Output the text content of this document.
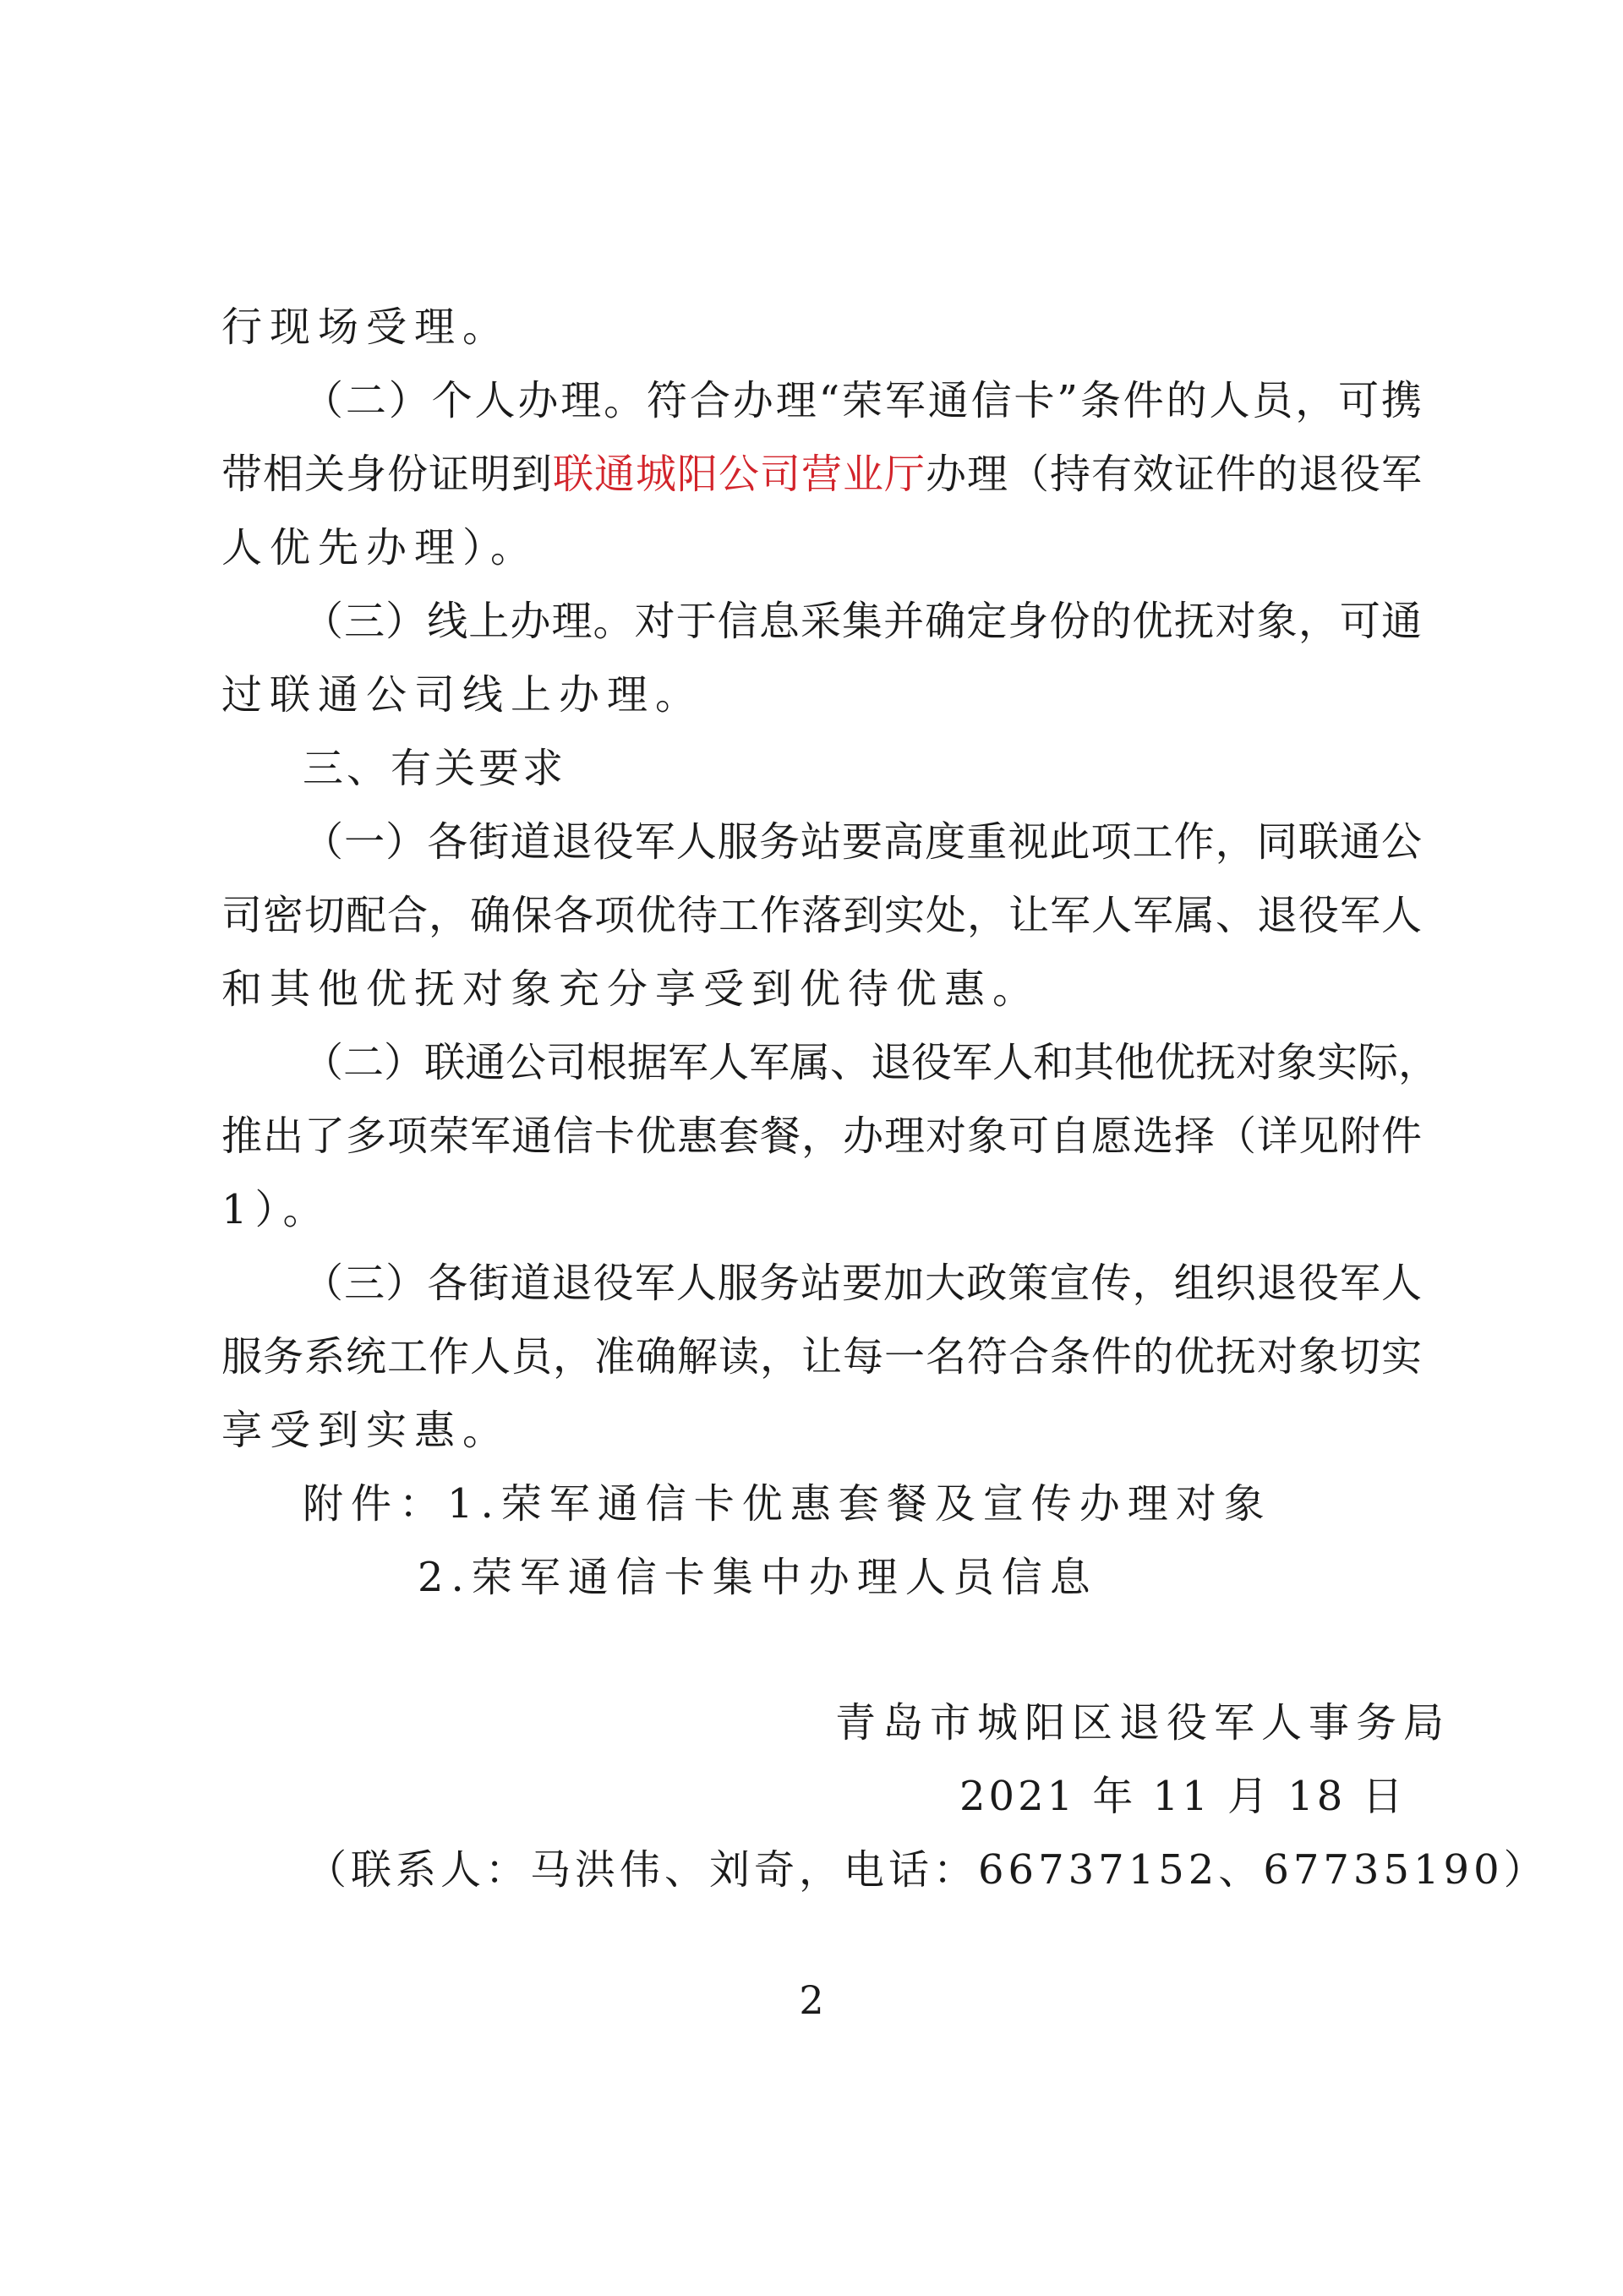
行现场受理。
（二）个人办理。符合办理“荣军通信卡”条件的人员，可携
带相关身份证明到联通城阳公司营业厅办理（持有效证件的退役军
人优先办理）。
（三）线上办理。对于信息采集并确定身份的优抚对象，可通
过联通公司线上办理。
三、有关要求
（一）各街道退役军人服务站要高度重视此项工作，同联通公
司密切配合，确保各项优待工作落到实处，让军人军属、退役军人
和其他优抚对象充分享受到优待优惠。
（二）联通公司根据军人军属、退役军人和其他优抚对象实际，
推出了多项荣军通信卡优惠套餐，办理对象可自愿选择（详见附件
1）。
（三）各街道退役军人服务站要加大政策宣传，组织退役军人
服务系统工作人员，准确解读，让每一名符合条件的优抚对象切实
享受到实惠。
附件：1.荣军通信卡优惠套餐及宣传办理对象
2.荣军通信卡集中办理人员信息
青岛市城阳区退役军人事务局
2021 年 11 月 18 日
（联系人：马洪伟、刘奇，电话：66737152、67735190）
2
